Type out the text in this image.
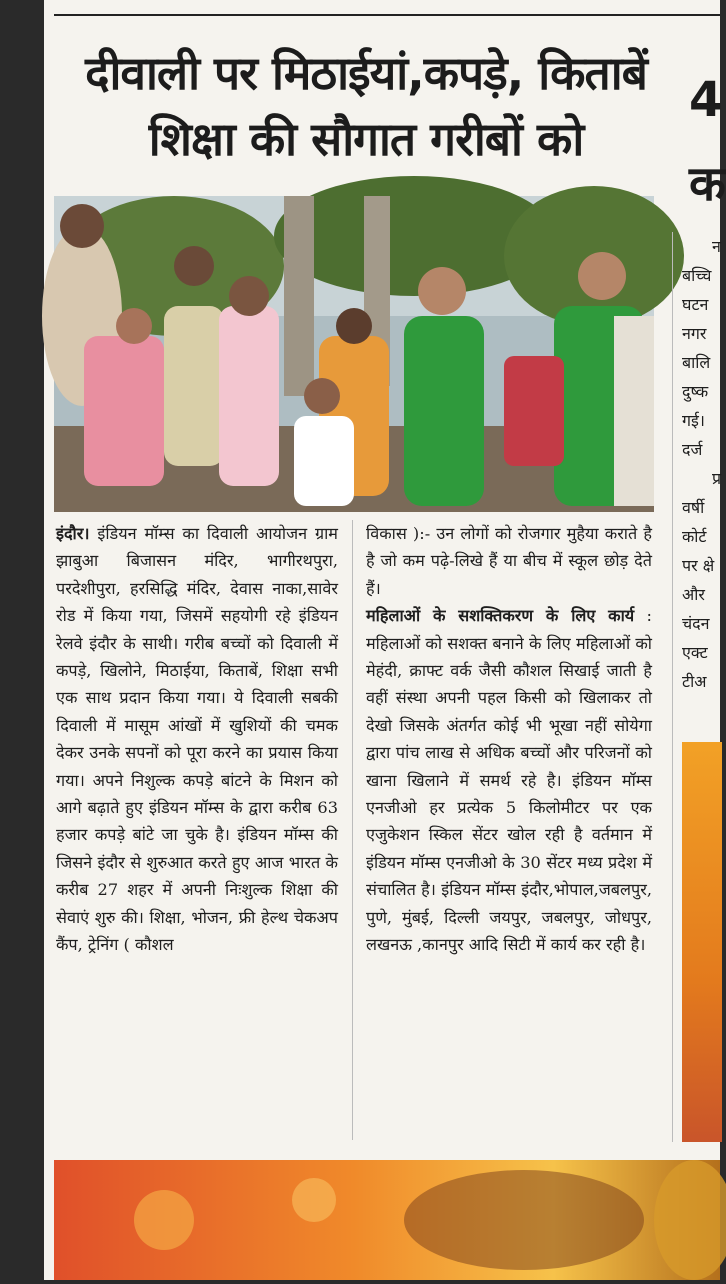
दीवाली पर मिठाईयां,कपड़े, किताबें
शिक्षा की सौगात गरीबों को
4
क

इंदौर। इंडियन मॉम्स का दिवाली आयोजन ग्राम झाबुआ बिजासन मंदिर, भागीरथपुरा, परदेशीपुरा, हरसिद्धि मंदिर, देवास नाका,सावेर रोड में किया गया, जिसमें सहयोगी रहे इंडियन रेलवे इंदौर के साथी। गरीब बच्चों को दिवाली में कपड़े, खिलोने, मिठाईया, किताबें, शिक्षा सभी एक साथ प्रदान किया गया। ये दिवाली सबकी दिवाली में मासूम आंखों में खुशियों की चमक देकर उनके सपनों को पूरा करने का प्रयास किया गया। अपने निशुल्क कपड़े बांटने के मिशन को आगे बढ़ाते हुए इंडियन मॉम्स के द्वारा करीब 63 हजार कपड़े बांटे जा चुके है। इंडियन मॉम्स की जिसने इंदौर से शुरुआत करते हुए आज भारत के करीब 27 शहर में अपनी निःशुल्क शिक्षा की सेवाएं शुरु की। शिक्षा, भोजन, फ्री हेल्थ चेकअप कैंप, ट्रेनिंग ( कौशल

विकास ):- उन लोगों को रोजगार मुहैया कराते है है जो कम पढ़े-लिखे हैं या बीच में स्कूल छोड़ देते हैं।

महिलाओं के सशक्तिकरण के लिए कार्य : महिलाओं को सशक्त बनाने के लिए महिलाओं को मेहंदी, क्राफ्ट वर्क जैसी कौशल सिखाई जाती है वहीं संस्था अपनी पहल किसी को खिलाकर तो देखो जिसके अंतर्गत कोई भी भूखा नहीं सोयेगा द्वारा पांच लाख से अधिक बच्चों और परिजनों को खाना खिलाने में समर्थ रहे है। इंडियन मॉम्स एनजीओ हर प्रत्येक 5 किलोमीटर पर एक एजुकेशन स्किल सेंटर खोल रही है वर्तमान में इंडियन मॉम्स एनजीओ के 30 सेंटर मध्य प्रदेश में संचालित है। इंडियन मॉम्स इंदौर,भोपाल,जबलपुर, पुणे, मुंबई, दिल्ली जयपुर, जबलपुर, जोधपुर, लखनऊ ,कानपुर आदि सिटी में कार्य कर रही है।

न
बच्चि
घटन
नगर
बालि
दुष्क
गई।
दर्ज
प्र
वर्षी
कोर्ट
पर क्षे
और
चंदन
एक्ट
टीअ
